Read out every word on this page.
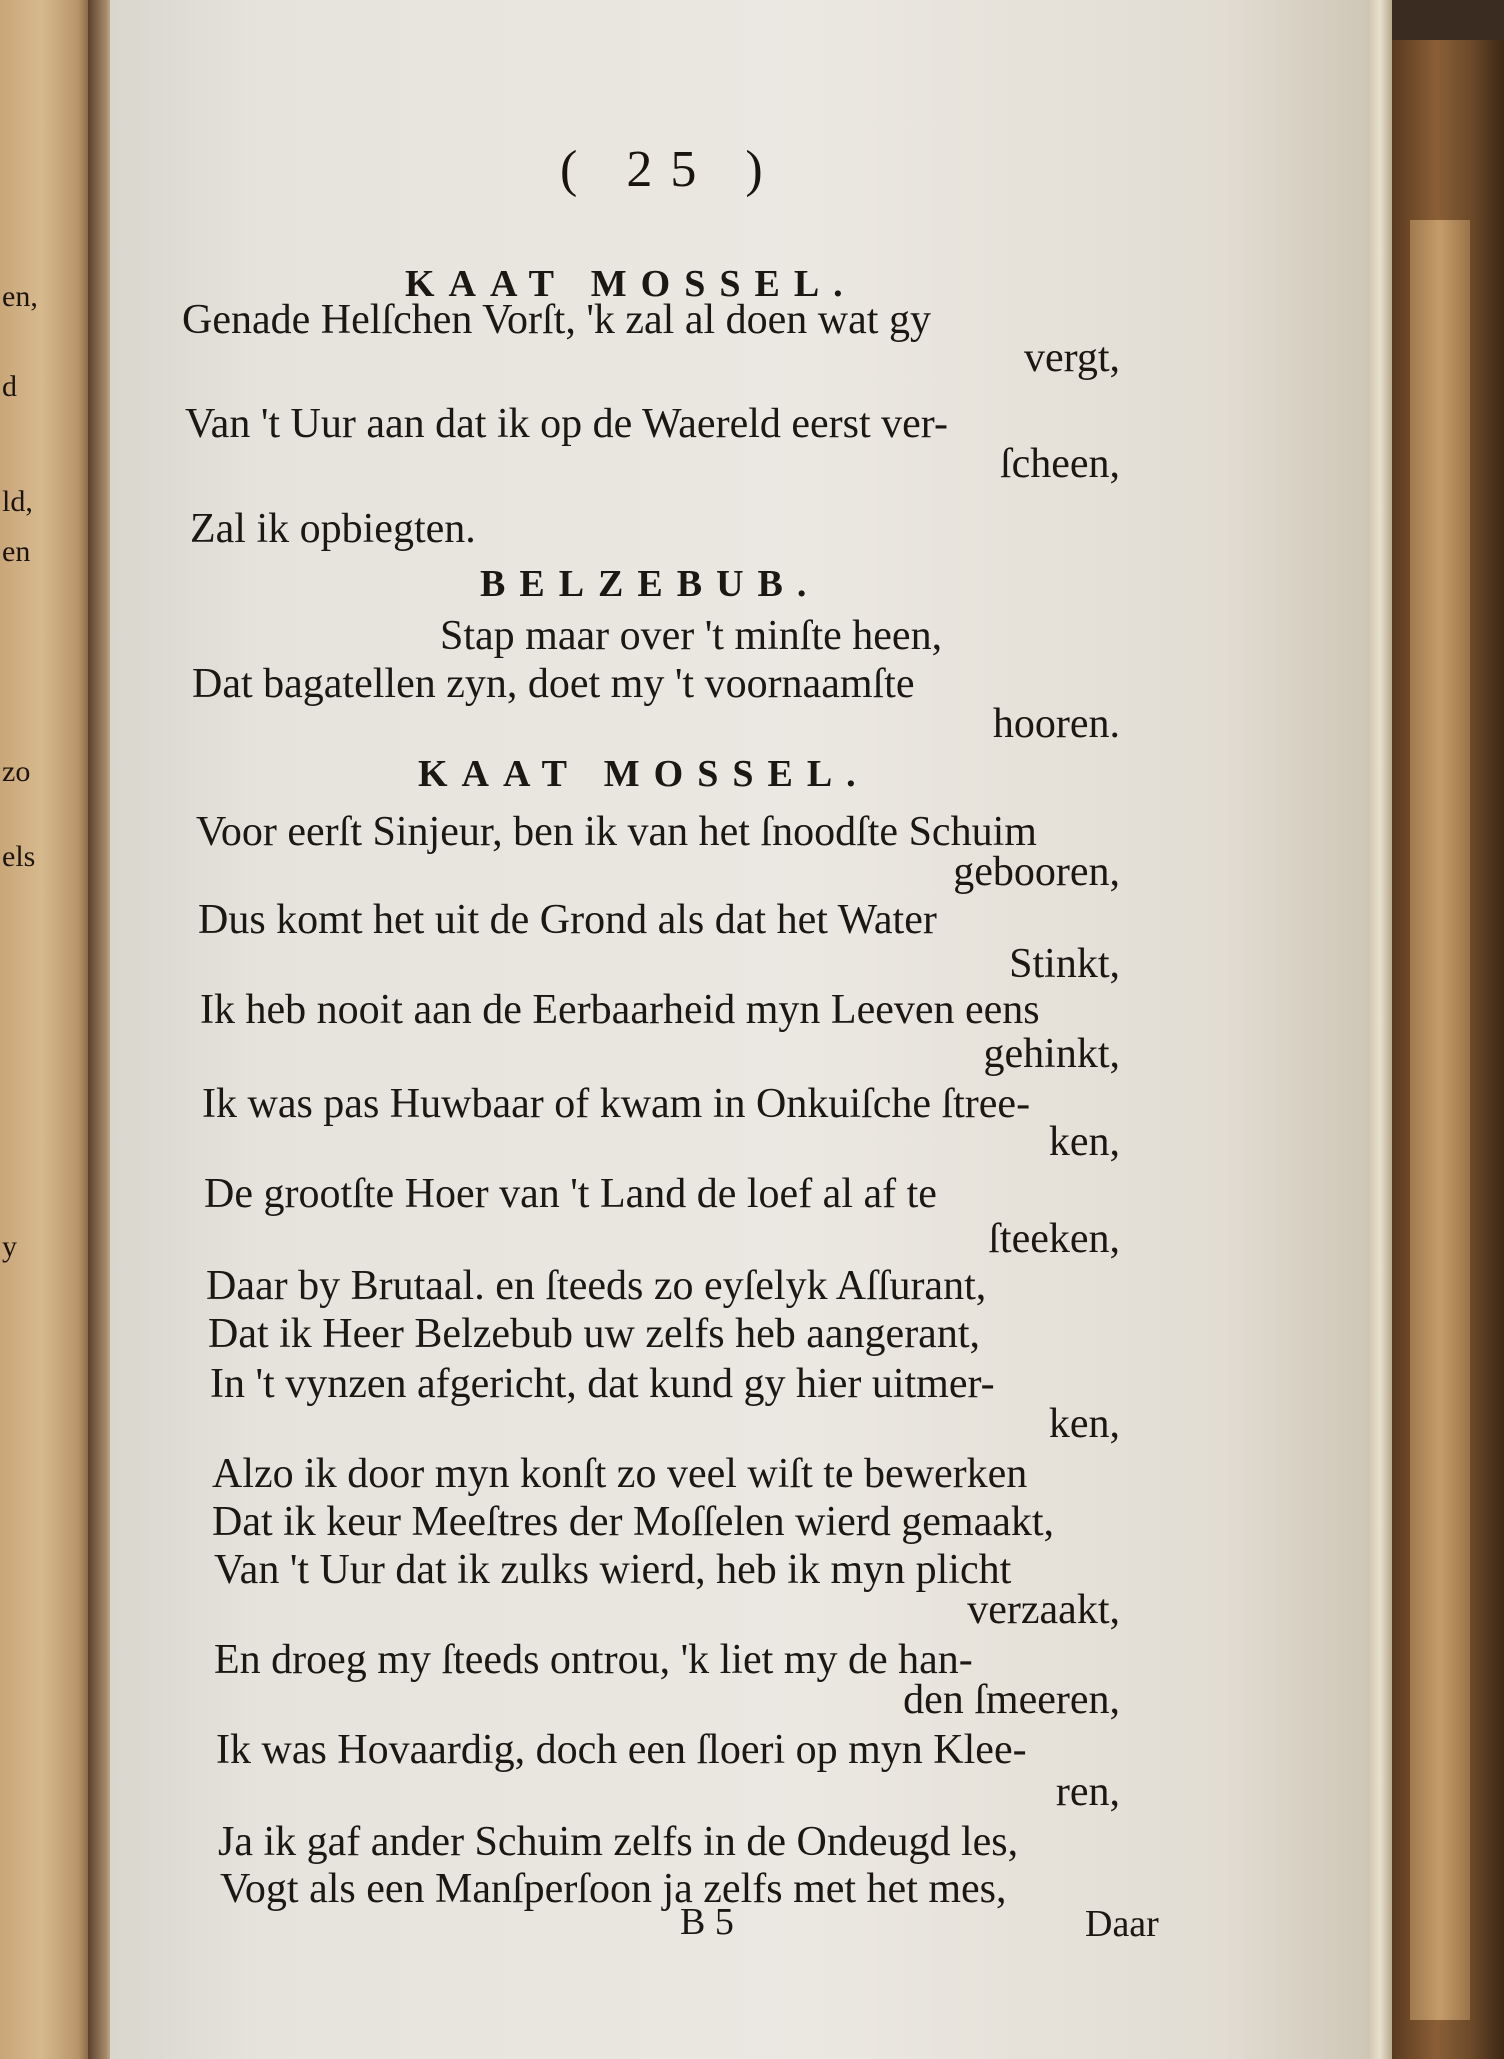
en,
d
ld,
en
zo
els
y
( 25 )
KAAT MOSSEL.
Genade Helſchen Vorſt, 'k zal al doen wat gy
vergt,
Van 't Uur aan dat ik op de Waereld eerst ver-
ſcheen,
Zal ik opbiegten.
BELZEBUB.
Stap maar over 't minſte heen,
Dat bagatellen zyn, doet my 't voornaamſte
hooren.
KAAT MOSSEL.
Voor eerſt Sinjeur, ben ik van het ſnoodſte Schuim
gebooren,
Dus komt het uit de Grond als dat het Water
Stinkt,
Ik heb nooit aan de Eerbaarheid myn Leeven eens
gehinkt,
Ik was pas Huwbaar of kwam in Onkuiſche ſtree-
ken,
De grootſte Hoer van 't Land de loef al af te
ſteeken,
Daar by Brutaal. en ſteeds zo eyſelyk Aſſurant,
Dat ik Heer Belzebub uw zelfs heb aangerant,
In 't vynzen afgericht, dat kund gy hier uitmer-
ken,
Alzo ik door myn konſt zo veel wiſt te bewerken
Dat ik keur Meeſtres der Moſſelen wierd gemaakt,
Van 't Uur dat ik zulks wierd, heb ik myn plicht
verzaakt,
En droeg my ſteeds ontrou, 'k liet my de han-
den ſmeeren,
Ik was Hovaardig, doch een ſloeri op myn Klee-
ren,
Ja ik gaf ander Schuim zelfs in de Ondeugd les,
Vogt als een Manſperſoon ja zelfs met het mes,
B 5	Daar
